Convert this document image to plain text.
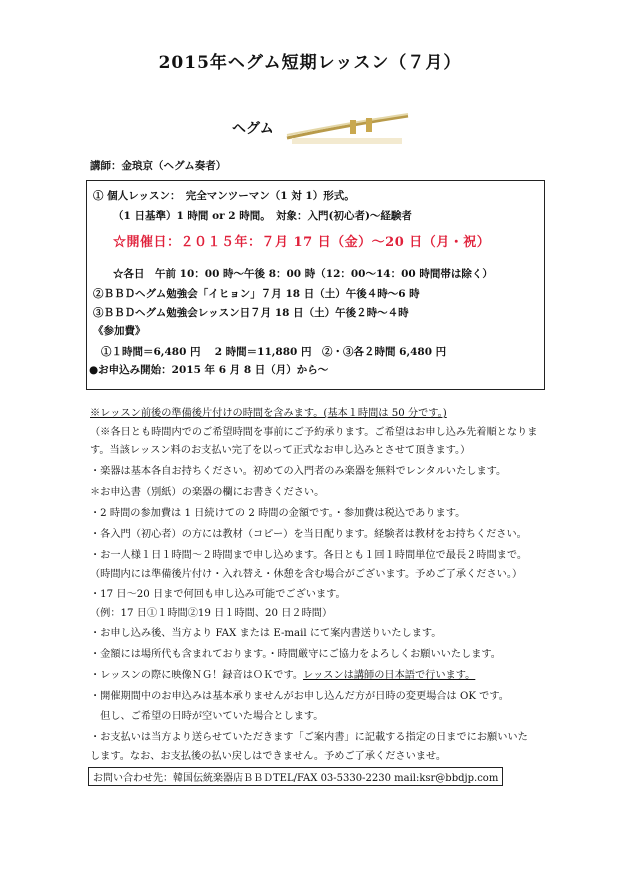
2015年ヘグム短期レッスン（７月）
ヘグム
講師：金琅京（ヘグム奏者）
① 個人レッスン：　完全マンツーマン（1 対 1）形式。
（1 日基準）1 時間 or 2 時間。　対象：入門(初心者)～経験者
☆開催日：２０１５年：７月 17 日（金）～20 日（月・祝）
☆各日　午前 10：00 時～午後 8：00 時（12：00～14：00 時間帯は除く）
②ＢＢＤヘグム勉強会「イヒョン」７月 18 日（土）午後４時～6 時
③ＢＢＤヘグム勉強会レッスン日７月 18 日（土）午後２時～４時
《参加費》
①１時間＝6,480 円　 2 時間＝11,880 円　②・③各２時間 6,480 円
●お申込み開始：2015 年 6 月 8 日（月）から～
※レッスン前後の準備後片付けの時間を含みます。(基本１時間は 50 分です。)
（※各日とも時間内でのご希望時間を事前にご予約承ります。ご希望はお申し込み先着順となりま
す。当該レッスン料のお支払い完了を以って正式なお申し込みとさせて頂きます。）
・楽器は基本各自お持ちください。初めての入門者のみ楽器を無料でレンタルいたします。
＊お申込書（別紙）の楽器の欄にお書きください。
・2 時間の参加費は 1 日続けての 2 時間の金額です。・参加費は税込であります。
・各入門（初心者）の方には教材（コピー）を当日配ります。経験者は教材をお持ちください。
・お一人様１日１時間～２時間まで申し込めます。各日とも１回１時間単位で最長２時間まで。
（時間内には準備後片付け・入れ替え・休憩を含む場合がございます。予めご了承ください。）
・17 日～20 日まで何回も申し込み可能でございます。
（例：17 日①１時間②19 日１時間、20 日２時間）
・お申し込み後、当方より FAX または E-mail にて案内書送りいたします。
・金額には場所代も含まれております。・時間厳守にご協力をよろしくお願いいたします。
・レッスンの際に映像ＮＧ！録音はＯＫです。レッスンは講師の日本語で行います。
・開催期間中のお申込みは基本承りませんがお申し込んだ方が日時の変更場合は OK です。
　但し、ご希望の日時が空いていた場合とします。
・お支払いは当方より送らせていただきます「ご案内書」に記載する指定の日までにお願いいた
します。なお、お支払後の払い戻しはできません。予めご了承くださいませ。
お問い合わせ先：韓国伝統楽器店ＢＢＤTEL/FAX 03-5330-2230 mail:ksr@bbdjp.com
